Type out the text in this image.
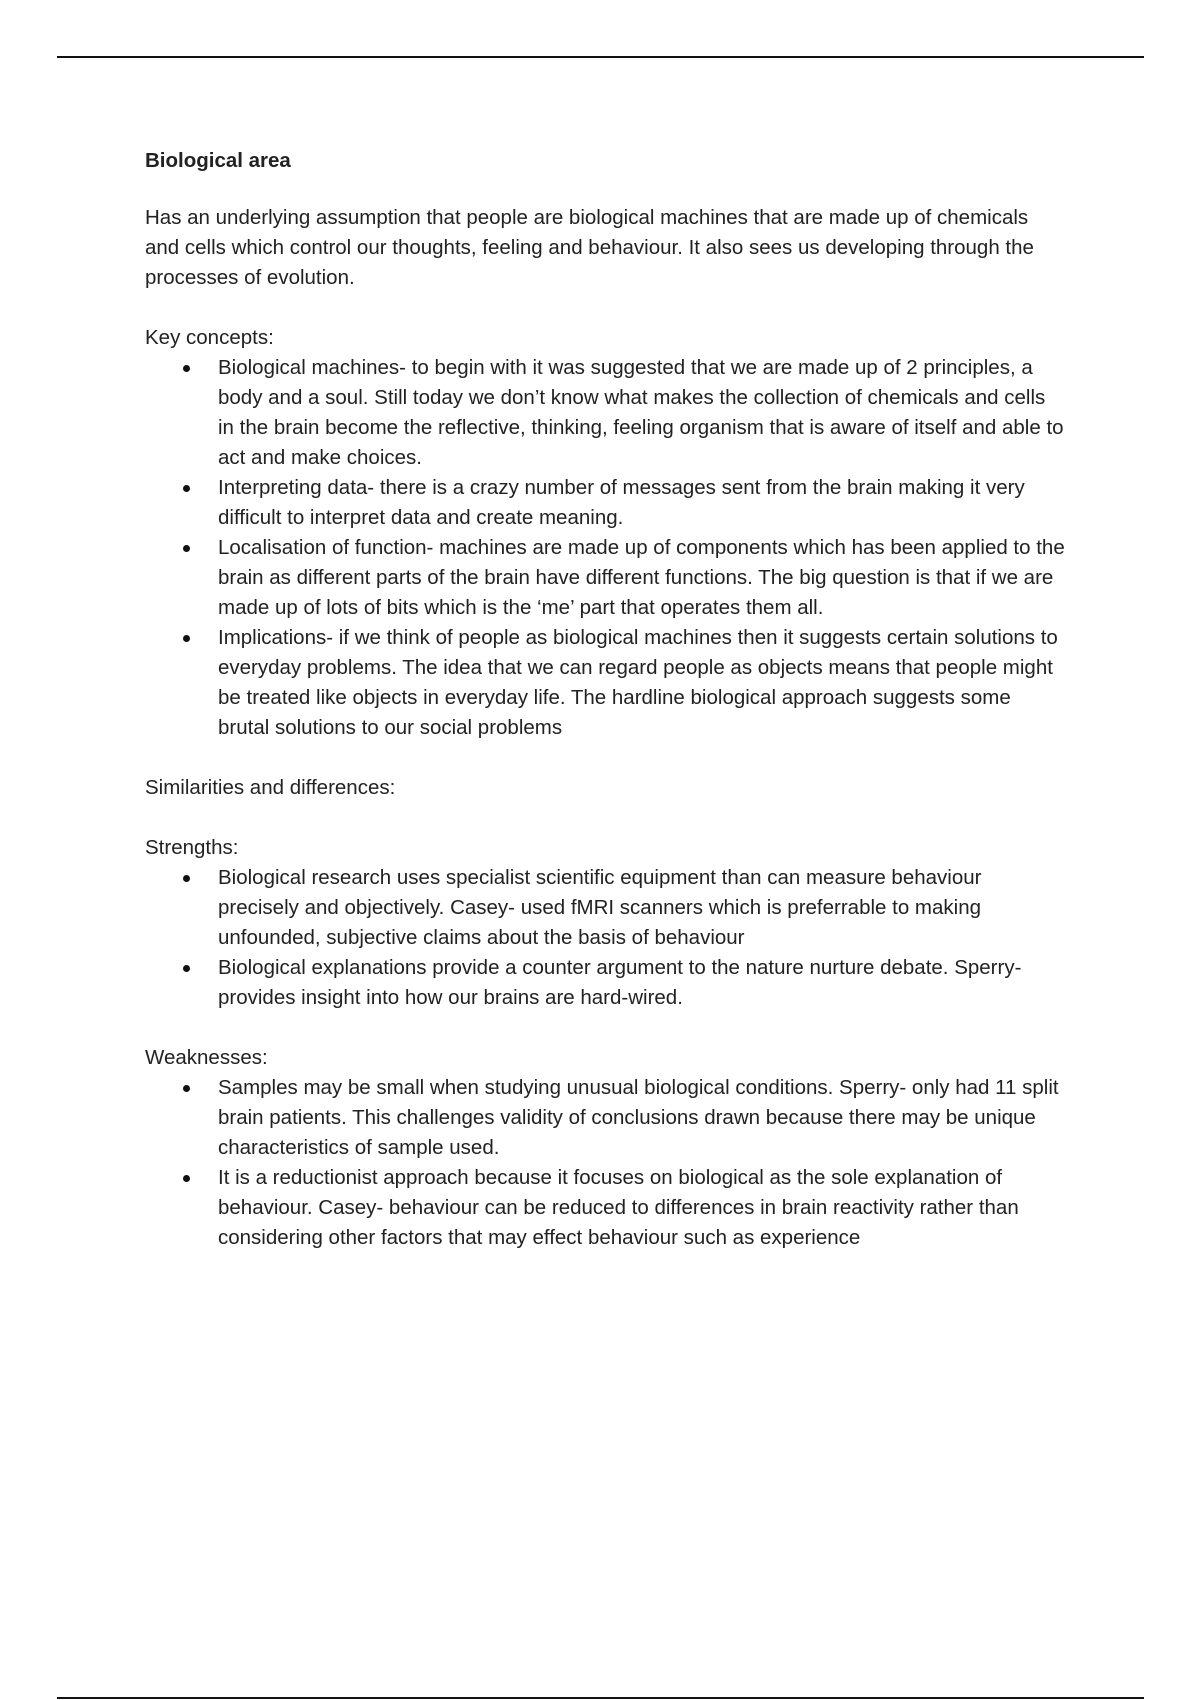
Biological area

Has an underlying assumption that people are biological machines that are made up of chemicals and cells which control our thoughts, feeling and behaviour. It also sees us developing through the processes of evolution.

Key concepts:

Biological machines- to begin with it was suggested that we are made up of 2 principles, a body and a soul. Still today we don’t know what makes the collection of chemicals and cells in the brain become the reflective, thinking, feeling organism that is aware of itself and able to act and make choices.
Interpreting data- there is a crazy number of messages sent from the brain making it very difficult to interpret data and create meaning.
Localisation of function- machines are made up of components which has been applied to the brain as different parts of the brain have different functions. The big question is that if we are made up of lots of bits which is the ‘me’ part that operates them all.
Implications- if we think of people as biological machines then it suggests certain solutions to everyday problems. The idea that we can regard people as objects means that people might be treated like objects in everyday life. The hardline biological approach suggests some brutal solutions to our social problems

Similarities and differences:

Strengths:

Biological research uses specialist scientific equipment than can measure behaviour precisely and objectively. Casey- used fMRI scanners which is preferrable to making unfounded, subjective claims about the basis of behaviour
Biological explanations provide a counter argument to the nature nurture debate. Sperry- provides insight into how our brains are hard-wired.

Weaknesses:

Samples may be small when studying unusual biological conditions. Sperry- only had 11 split brain patients. This challenges validity of conclusions drawn because there may be unique characteristics of sample used.
It is a reductionist approach because it focuses on biological as the sole explanation of behaviour. Casey- behaviour can be reduced to differences in brain reactivity rather than considering other factors that may effect behaviour such as experience
